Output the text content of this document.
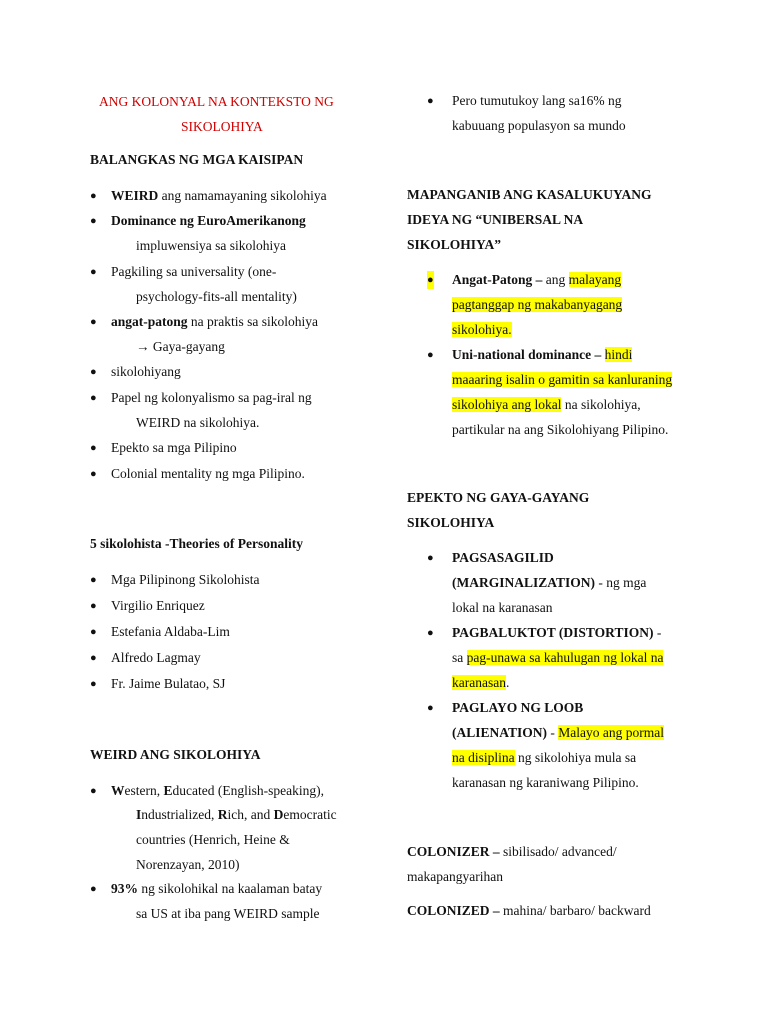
ANG KOLONYAL NA KONTEKSTO NG
SIKOLOHIYA
BALANGKAS NG MGA KAISIPAN
● WEIRD ang namamayaning sikolohiya
● Dominance ng EuroAmerikanong
impluwensiya sa sikolohiya
● Pagkiling sa universality (one-
psychology-fits-all mentality)
● angat-patong na praktis sa sikolohiya
→ Gaya-gayang
● sikolohiyang
● Papel ng kolonyalismo sa pag-iral ng
WEIRD na sikolohiya.
● Epekto sa mga Pilipino
● Colonial mentality ng mga Pilipino.
5 sikolohista -Theories of Personality
● Mga Pilipinong Sikolohista
● Virgilio Enriquez
● Estefania Aldaba-Lim
● Alfredo Lagmay
● Fr. Jaime Bulatao, SJ
WEIRD ANG SIKOLOHIYA
● Western, Educated (English-speaking),
Industrialized, Rich, and Democratic
countries (Henrich, Heine &
Norenzayan, 2010)
● 93% ng sikolohikal na kaalaman batay
sa US at iba pang WEIRD sample
● Pero tumutukoy lang sa16% ng
kabuuang populasyon sa mundo
MAPANGANIB ANG KASALUKUYANG
IDEYA NG “UNIBERSAL NA
SIKOLOHIYA”
● Angat-Patong – ang malayang
pagtanggap ng makabanyagang
sikolohiya.
● Uni-national dominance – hindi
maaaring isalin o gamitin sa kanluraning
sikolohiya ang lokal na sikolohiya,
partikular na ang Sikolohiyang Pilipino.
EPEKTO NG GAYA-GAYANG
SIKOLOHIYA
● PAGSASAGILID
(MARGINALIZATION) - ng mga
lokal na karanasan
● PAGBALUKTOT (DISTORTION) -
sa pag-unawa sa kahulugan ng lokal na
karanasan.
● PAGLAYO NG LOOB
(ALIENATION) - Malayo ang pormal
na disiplina ng sikolohiya mula sa
karanasan ng karaniwang Pilipino.
COLONIZER – sibilisado/ advanced/
makapangyarihan
COLONIZED – mahina/ barbaro/ backward
